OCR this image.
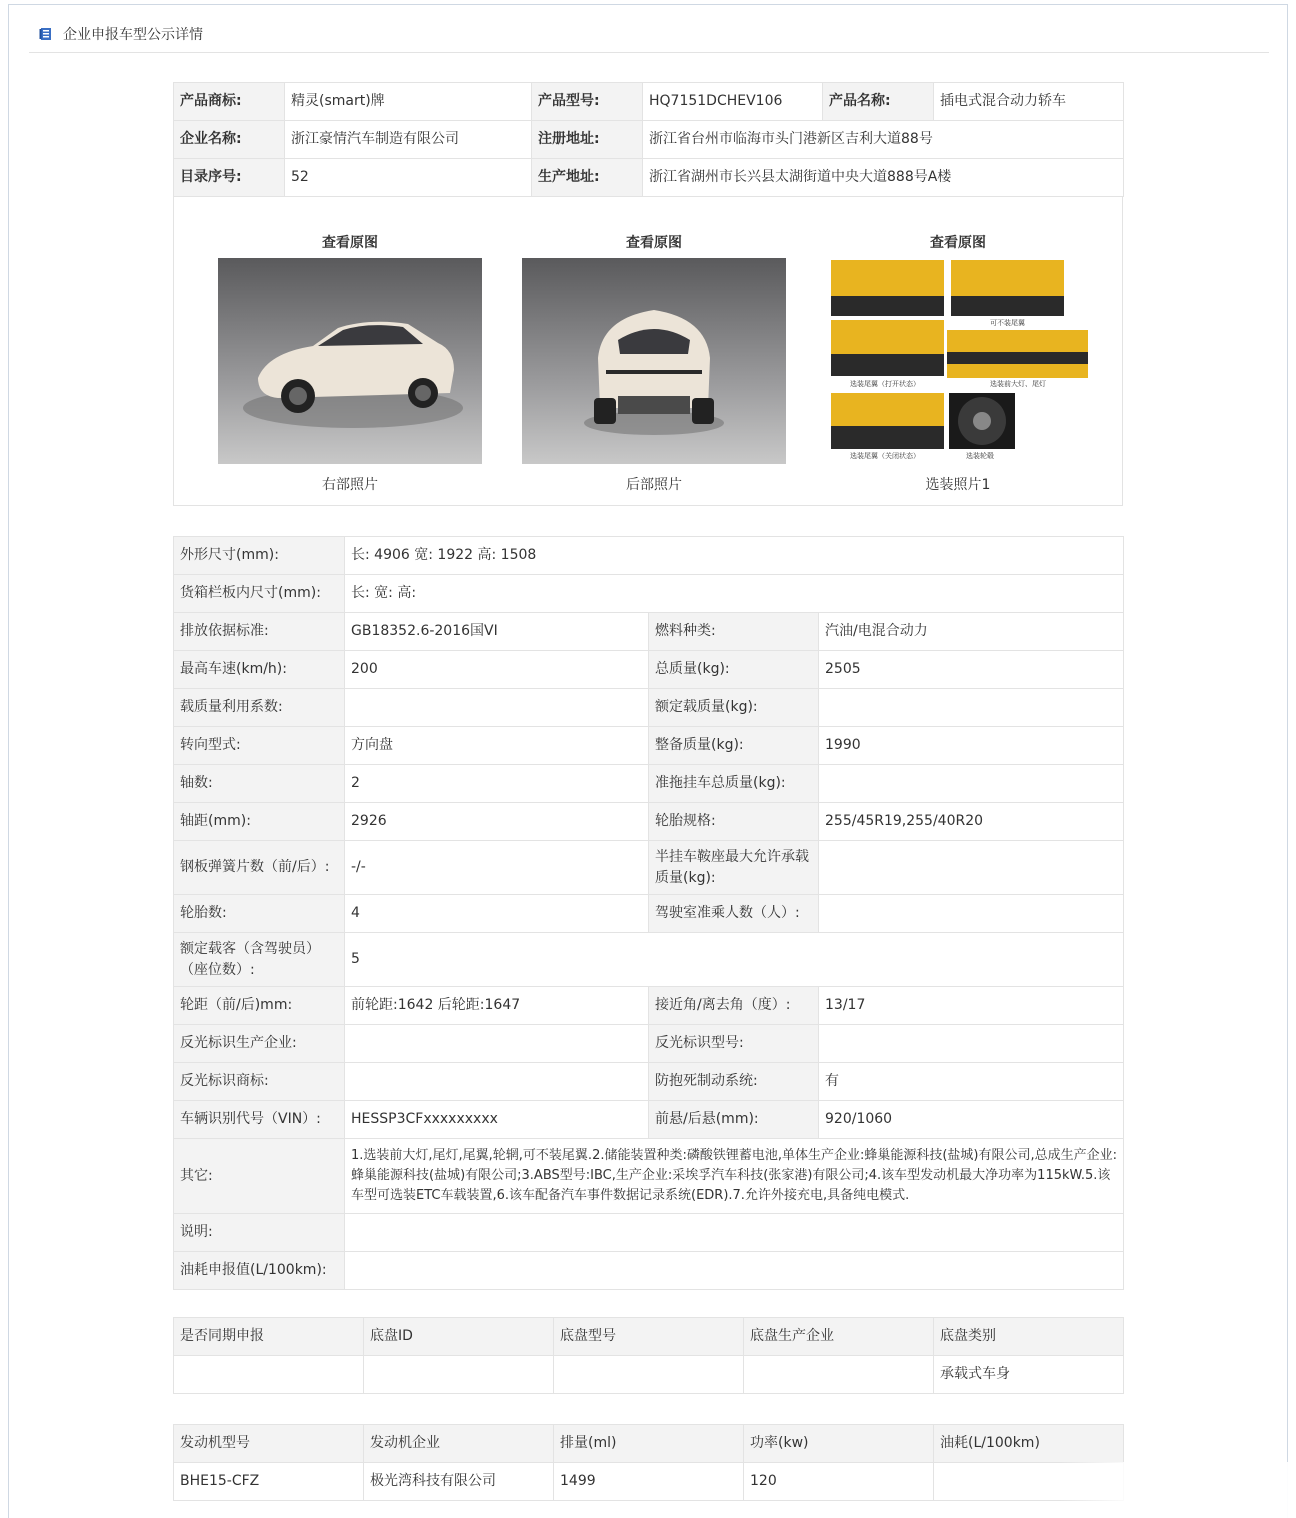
企业申报车型公示详情
产品商标:	精灵(smart)牌	产品型号:	HQ7151DCHEV106	产品名称:	插电式混合动力轿车
企业名称:	浙江豪情汽车制造有限公司	注册地址:	浙江省台州市临海市头门港新区吉利大道88号		
目录序号:	52	生产地址:	浙江省湖州市长兴县太湖街道中央大道888号A楼		
查看原图
右部照片
查看原图
后部照片
查看原图
可不装尾翼
选装尾翼（打开状态）	选装前大灯、尾灯
选装尾翼（关闭状态）	选装轮毂
选装照片1
外形尺寸(mm):	长: 4906 宽: 1922 高: 1508		
货箱栏板内尺寸(mm):	长: 宽: 高:		
排放依据标准:	GB18352.6-2016国VI	燃料种类:	汽油/电混合动力
最高车速(km/h):	200	总质量(kg):	2505
载质量利用系数:		额定载质量(kg):	
转向型式:	方向盘	整备质量(kg):	1990
轴数:	2	准拖挂车总质量(kg):	
轴距(mm):	2926	轮胎规格:	255/45R19,255/40R20
钢板弹簧片数（前/后）:	-/-	半挂车鞍座最大允许承载质量(kg):	
轮胎数:	4	驾驶室准乘人数（人）:	
额定载客（含驾驶员）（座位数）:	5		
轮距（前/后)mm:	前轮距:1642 后轮距:1647	接近角/离去角（度）:	13/17
反光标识生产企业:		反光标识型号:	
反光标识商标:		防抱死制动系统:	有
车辆识别代号（VIN）:	HESSP3CFxxxxxxxxx	前悬/后悬(mm):	920/1060
其它:	1.选装前大灯,尾灯,尾翼,轮辋,可不装尾翼.2.储能装置种类:磷酸铁锂蓄电池,单体生产企业:蜂巢能源科技(盐城)有限公司,总成生产企业:蜂巢能源科技(盐城)有限公司;3.ABS型号:IBC,生产企业:采埃孚汽车科技(张家港)有限公司;4.该车型发动机最大净功率为115kW.5.该车型可选装ETC车载装置,6.该车配备汽车事件数据记录系统(EDR).7.允许外接充电,具备纯电模式.		
说明:			
油耗申报值(L/100km):			
是否同期申报	底盘ID	底盘型号	底盘生产企业	底盘类别
				承载式车身
发动机型号	发动机企业	排量(ml)	功率(kw)	油耗(L/100km)
BHE15-CFZ	极光湾科技有限公司	1499	120	
